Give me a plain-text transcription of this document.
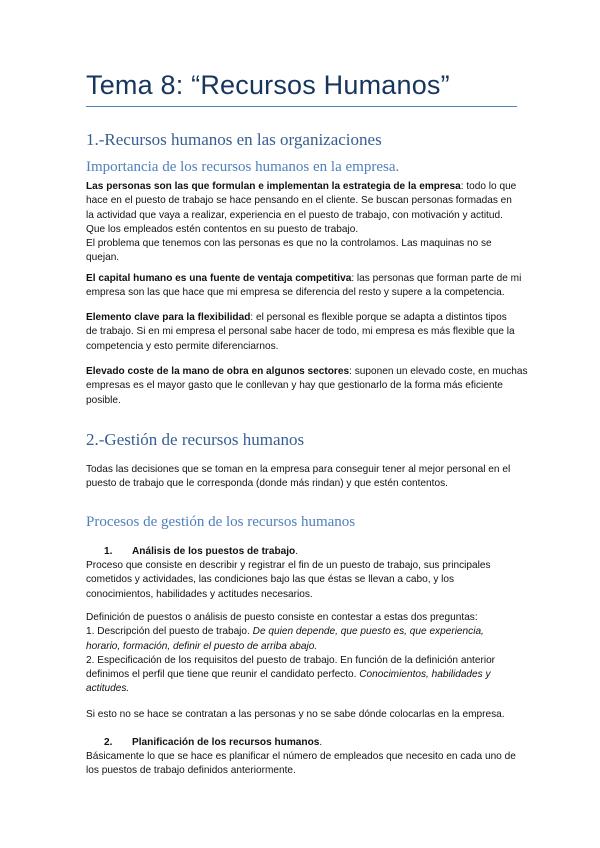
Tema 8: “Recursos Humanos”
1.-Recursos humanos en las organizaciones
Importancia de los recursos humanos en la empresa.
Las personas son las que formulan e implementan la estrategia de la empresa: todo lo que
hace en el puesto de trabajo se hace pensando en el cliente. Se buscan personas formadas en
la actividad que vaya a realizar, experiencia en el puesto de trabajo, con motivación y actitud.
Que los empleados estén contentos en su puesto de trabajo.
El problema que tenemos con las personas es que no la controlamos. Las maquinas no se
quejan.
El capital humano es una fuente de ventaja competitiva: las personas que forman parte de mi
empresa son las que hace que mi empresa se diferencia del resto y supere a la competencia.
Elemento clave para la flexibilidad: el personal es flexible porque se adapta a distintos tipos
de trabajo. Si en mi empresa el personal sabe hacer de todo, mi empresa es más flexible que la
competencia y esto permite diferenciarnos.
Elevado coste de la mano de obra en algunos sectores: suponen un elevado coste, en muchas
empresas es el mayor gasto que le conllevan y hay que gestionarlo de la forma más eficiente
posible.
2.-Gestión de recursos humanos
Todas las decisiones que se toman en la empresa para conseguir tener al mejor personal en el
puesto de trabajo que le corresponda (donde más rindan) y que estén contentos.
Procesos de gestión de los recursos humanos
1. Análisis de los puestos de trabajo.
Proceso que consiste en describir y registrar el fin de un puesto de trabajo, sus principales
cometidos y actividades, las condiciones bajo las que éstas se llevan a cabo, y los
conocimientos, habilidades y actitudes necesarios.
Definición de puestos o análisis de puesto consiste en contestar a estas dos preguntas:
1. Descripción del puesto de trabajo. De quien depende, que puesto es, que experiencia,
horario, formación, definir el puesto de arriba abajo.
2. Especificación de los requisitos del puesto de trabajo. En función de la definición anterior
definimos el perfil que tiene que reunir el candidato perfecto. Conocimientos, habilidades y
actitudes.
Si esto no se hace se contratan a las personas y no se sabe dónde colocarlas en la empresa.
2. Planificación de los recursos humanos.
Básicamente lo que se hace es planificar el número de empleados que necesito en cada uno de
los puestos de trabajo definidos anteriormente.
